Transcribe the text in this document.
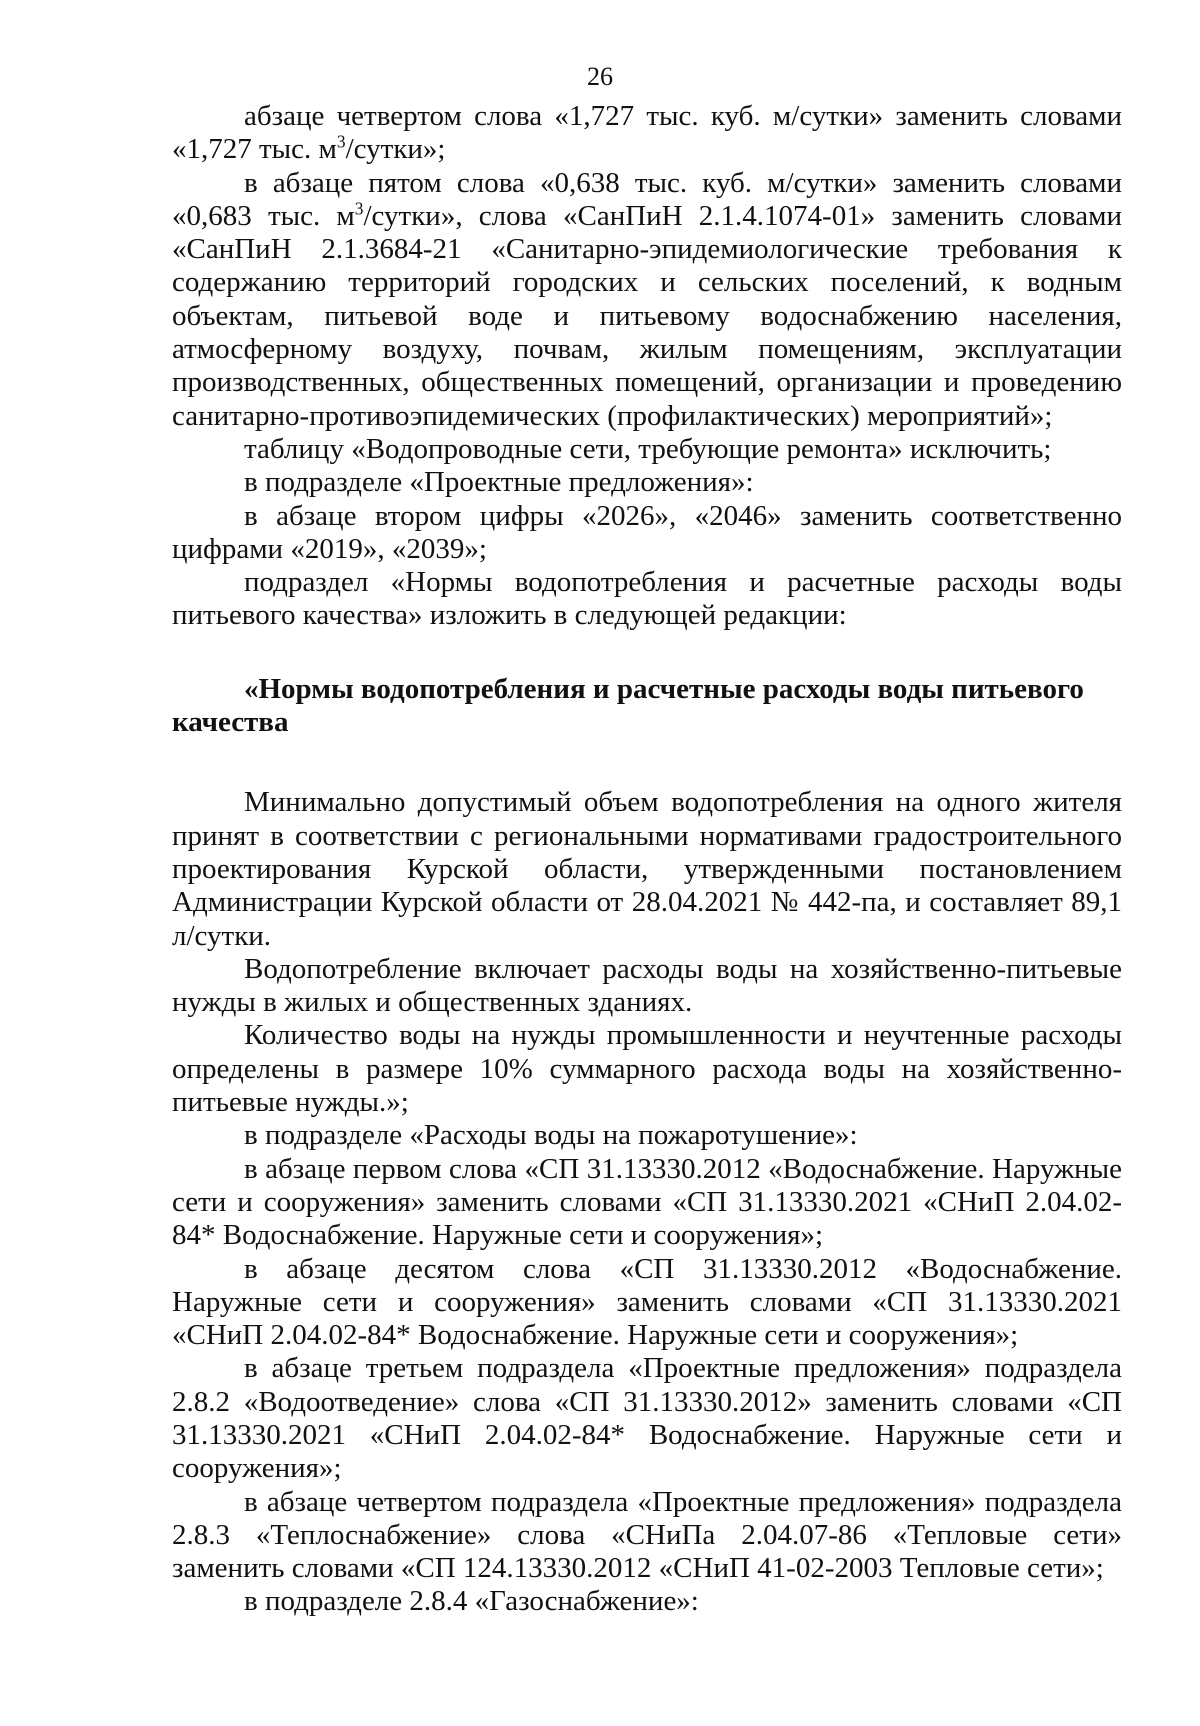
26

абзаце четвертом слова «1,727 тыс. куб. м/сутки» заменить словами «1,727 тыс. $м^3$/сутки»;

в абзаце пятом слова «0,638 тыс. куб. м/сутки» заменить словами «0,683 тыс. $м^3$/сутки», слова «СанПиН 2.1.4.1074-01» заменить словами «СанПиН 2.1.3684-21 «Санитарно-эпидемиологические требования к содержанию территорий городских и сельских поселений, к водным объектам, питьевой воде и питьевому водоснабжению населения, атмосферному воздуху, почвам, жилым помещениям, эксплуатации производственных, общественных помещений, организации и проведению санитарно-противоэпидемических (профилактических) мероприятий»;

таблицу «Водопроводные сети, требующие ремонта» исключить;

в подразделе «Проектные предложения»:

в абзаце втором цифры «2026», «2046» заменить соответственно цифрами «2019», «2039»;

подраздел «Нормы водопотребления и расчетные расходы воды питьевого качества» изложить в следующей редакции:

«Нормы водопотребления и расчетные расходы воды питьевого качества

Минимально допустимый объем водопотребления на одного жителя принят в соответствии с региональными нормативами градостроительного проектирования Курской области, утвержденными постановлением Администрации Курской области от 28.04.2021 № 442-па, и составляет 89,1 л/сутки.

Водопотребление включает расходы воды на хозяйственно-питьевые нужды в жилых и общественных зданиях.

Количество воды на нужды промышленности и неучтенные расходы определены в размере 10% суммарного расхода воды на хозяйственно-питьевые нужды.»;

в подразделе «Расходы воды на пожаротушение»:

в абзаце первом слова «СП 31.13330.2012 «Водоснабжение. Наружные сети и сооружения» заменить словами «СП 31.13330.2021 «СНиП 2.04.02-84* Водоснабжение. Наружные сети и сооружения»;

в абзаце десятом слова «СП 31.13330.2012 «Водоснабжение. Наружные сети и сооружения» заменить словами «СП 31.13330.2021 «СНиП 2.04.02-84* Водоснабжение. Наружные сети и сооружения»;

в абзаце третьем подраздела «Проектные предложения» подраздела 2.8.2 «Водоотведение» слова «СП 31.13330.2012» заменить словами «СП 31.13330.2021 «СНиП 2.04.02-84* Водоснабжение. Наружные сети и сооружения»;

в абзаце четвертом подраздела «Проектные предложения» подраздела 2.8.3 «Теплоснабжение» слова «СНиПа 2.04.07-86 «Тепловые сети» заменить словами «СП 124.13330.2012 «СНиП 41-02-2003 Тепловые сети»;

в подразделе 2.8.4 «Газоснабжение»:
